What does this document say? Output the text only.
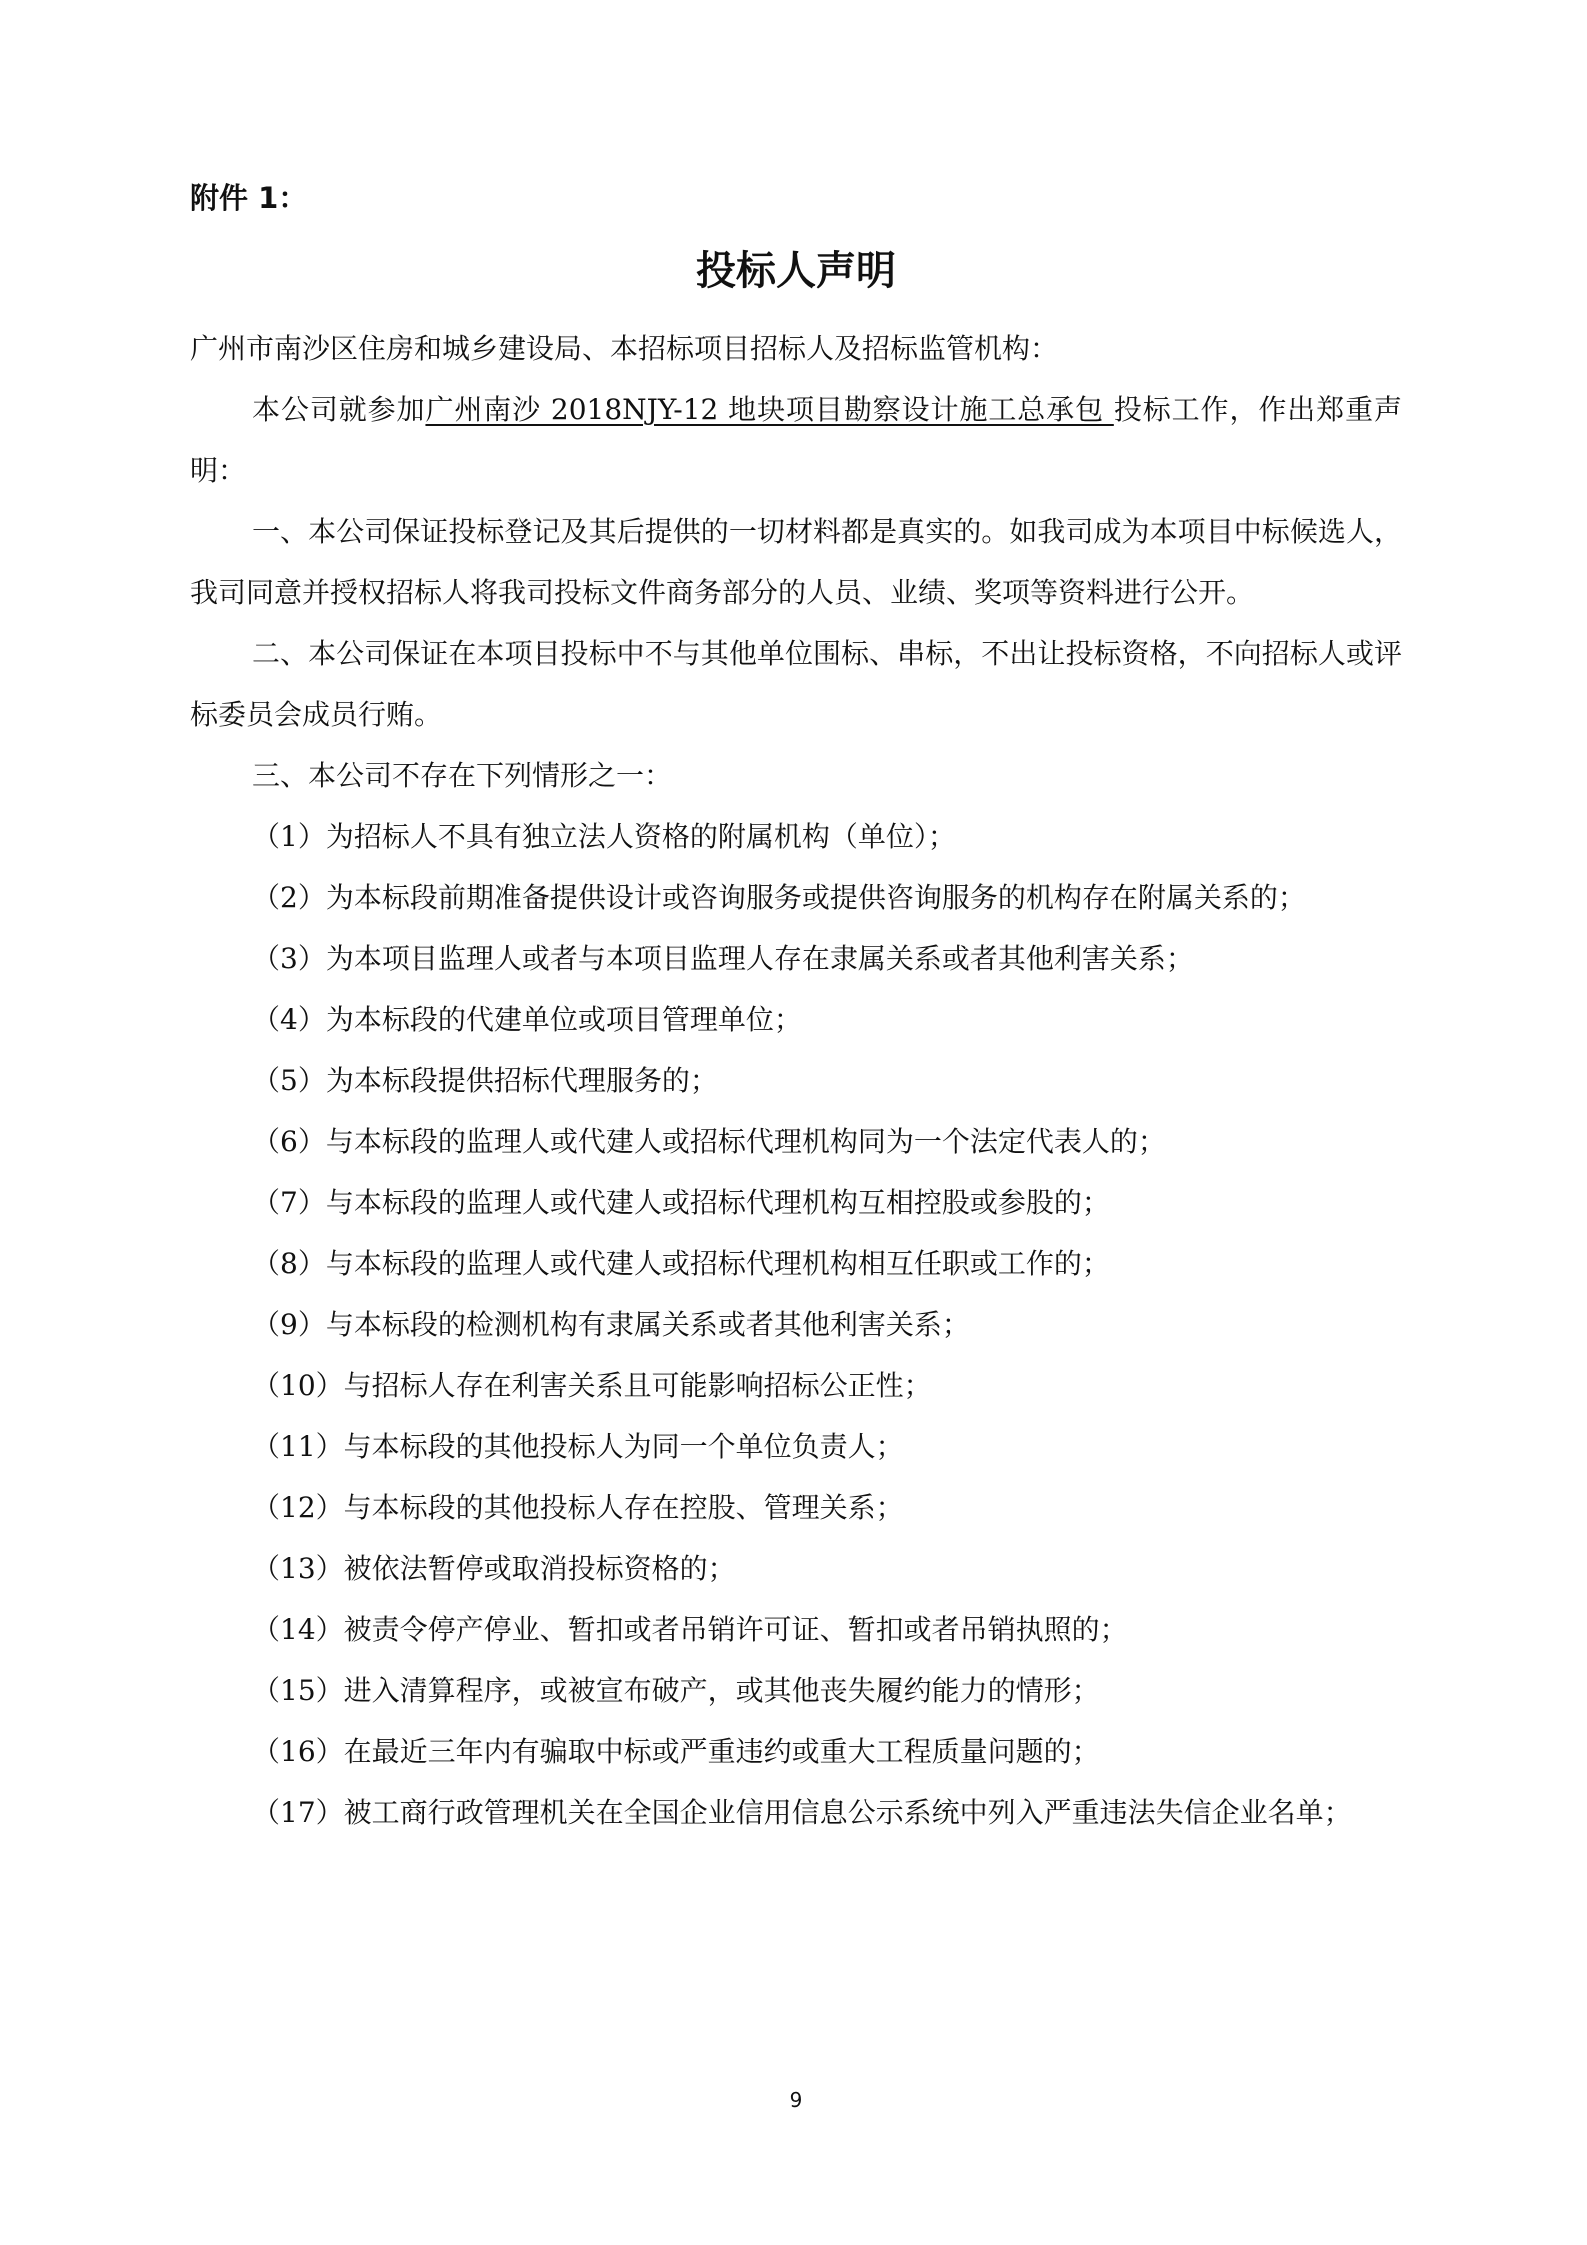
附件 1：

投标人声明

广州市南沙区住房和城乡建设局、本招标项目招标人及招标监管机构：

本公司就参加广州南沙 2018NJY-12 地块项目勘察设计施工总承包 投标工作，作出郑重声明：

一、本公司保证投标登记及其后提供的一切材料都是真实的。如我司成为本项目中标候选人，我司同意并授权招标人将我司投标文件商务部分的人员、业绩、奖项等资料进行公开。

二、本公司保证在本项目投标中不与其他单位围标、串标，不出让投标资格，不向招标人或评标委员会成员行贿。

三、本公司不存在下列情形之一：

（1）为招标人不具有独立法人资格的附属机构（单位）；

（2）为本标段前期准备提供设计或咨询服务或提供咨询服务的机构存在附属关系的；

（3）为本项目监理人或者与本项目监理人存在隶属关系或者其他利害关系；

（4）为本标段的代建单位或项目管理单位；

（5）为本标段提供招标代理服务的；

（6）与本标段的监理人或代建人或招标代理机构同为一个法定代表人的；

（7）与本标段的监理人或代建人或招标代理机构互相控股或参股的；

（8）与本标段的监理人或代建人或招标代理机构相互任职或工作的；

（9）与本标段的检测机构有隶属关系或者其他利害关系；

（10）与招标人存在利害关系且可能影响招标公正性；

（11）与本标段的其他投标人为同一个单位负责人；

（12）与本标段的其他投标人存在控股、管理关系；

（13）被依法暂停或取消投标资格的；

（14）被责令停产停业、暂扣或者吊销许可证、暂扣或者吊销执照的；

（15）进入清算程序，或被宣布破产，或其他丧失履约能力的情形；

（16）在最近三年内有骗取中标或严重违约或重大工程质量问题的；

（17）被工商行政管理机关在全国企业信用信息公示系统中列入严重违法失信企业名单；

9
